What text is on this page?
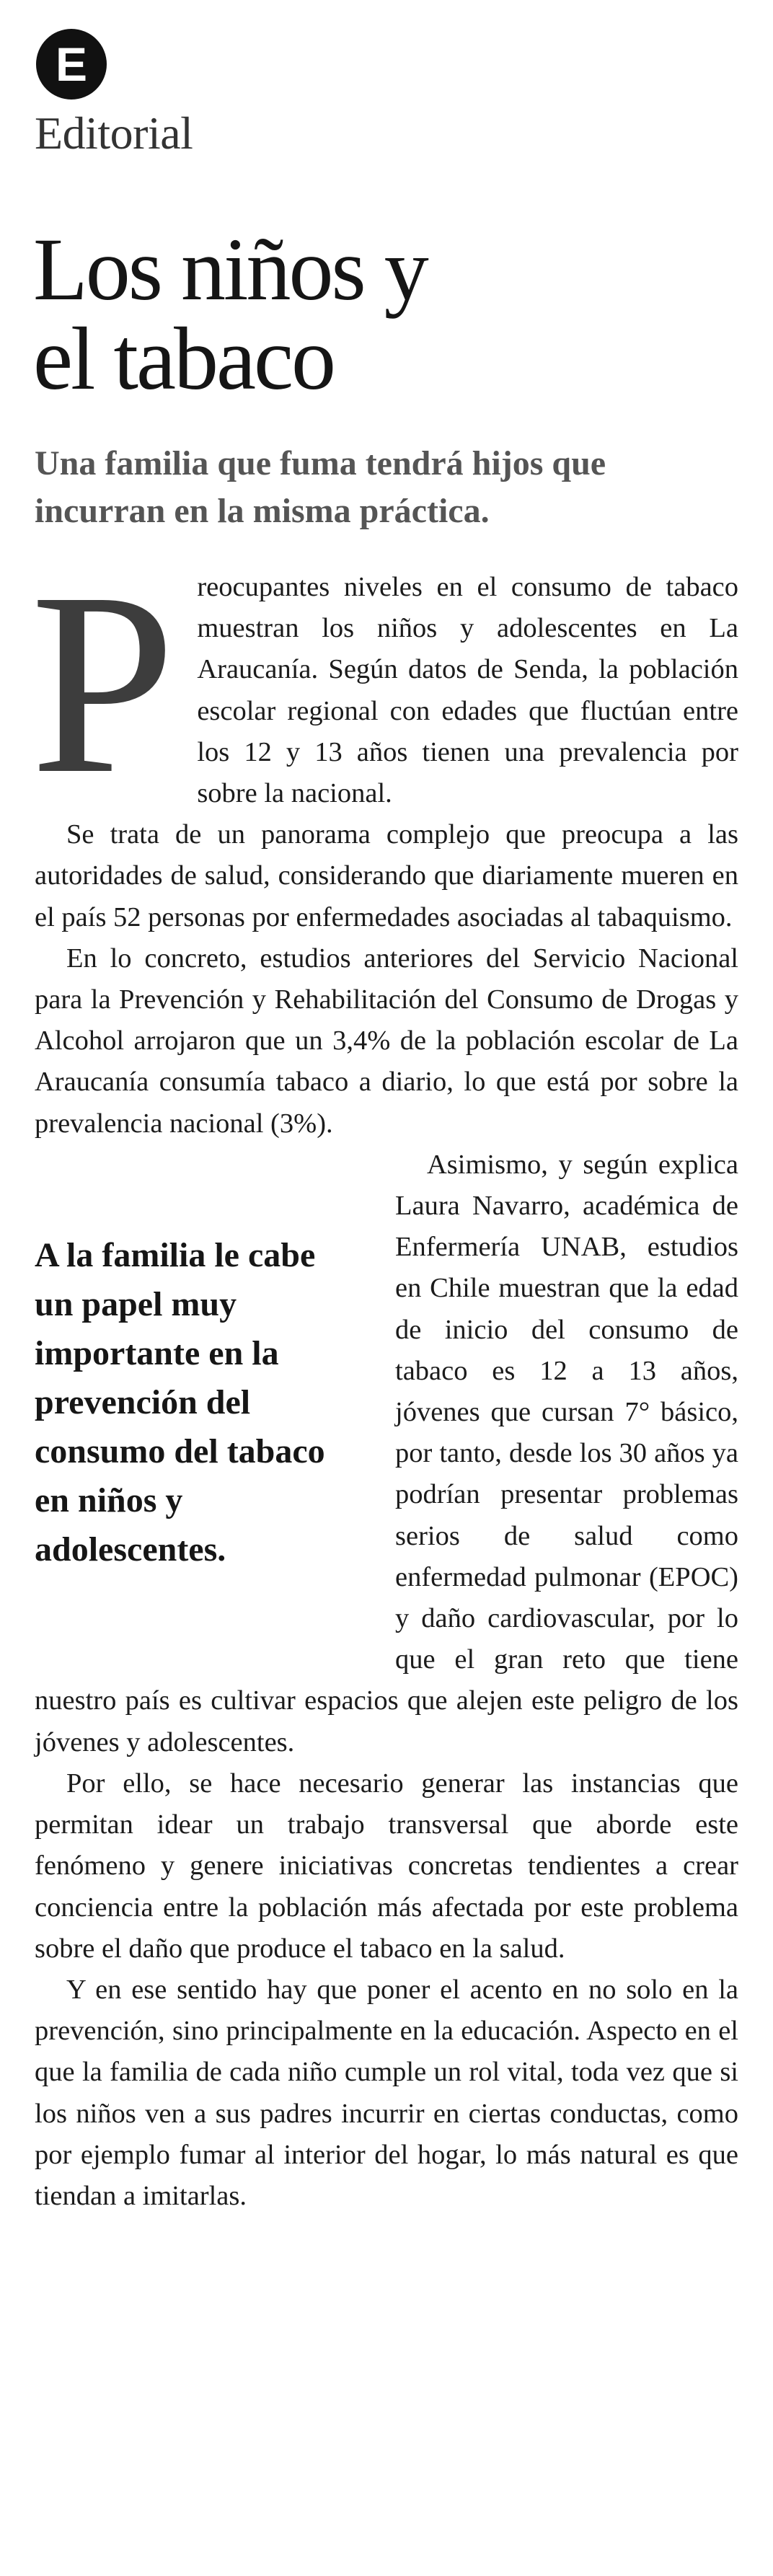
E
Editorial
Los niños y
el tabaco

Una familia que fuma tendrá hijos que incurran en la misma práctica.

Preocupantes niveles en el consumo de tabaco muestran los niños y adolescentes en La Araucanía. Según datos de Senda, la población escolar regional con edades que fluctúan entre los 12 y 13 años tienen una prevalencia por sobre la nacional.

Se trata de un panorama complejo que preocupa a las autoridades de salud, considerando que diariamente mueren en el país 52 personas por enfermedades asociadas al tabaquismo.

En lo concreto, estudios anteriores del Servicio Nacional para la Prevención y Rehabilitación del Consumo de Drogas y Alcohol arrojaron que un 3,4% de la población escolar de La Araucanía consumía tabaco a diario, lo que está por sobre la prevalencia nacional (3%).

A la familia le cabe
un papel muy
importante en la
prevención del
consumo del tabaco
en niños y
adolescentes.
Asimismo, y según explica Laura Navarro, académica de Enfermería UNAB, estudios en Chile muestran que la edad de inicio del consumo de tabaco es 12 a 13 años, jóvenes que cursan 7° básico, por tanto, desde los 30 años ya podrían presentar problemas serios de salud como enfermedad pulmonar (EPOC) y daño cardiovascular, por lo que el gran reto que tiene nuestro país es cultivar espacios que alejen este peligro de los jóvenes y adolescentes.

Por ello, se hace necesario generar las instancias que permitan idear un trabajo transversal que aborde este fenómeno y genere iniciativas concretas tendientes a crear conciencia entre la población más afectada por este problema sobre el daño que produce el tabaco en la salud.

Y en ese sentido hay que poner el acento en no solo en la prevención, sino principalmente en la educación. Aspecto en el que la familia de cada niño cumple un rol vital, toda vez que si los niños ven a sus padres incurrir en ciertas conductas, como por ejemplo fumar al interior del hogar, lo más natural es que tiendan a imitarlas.
